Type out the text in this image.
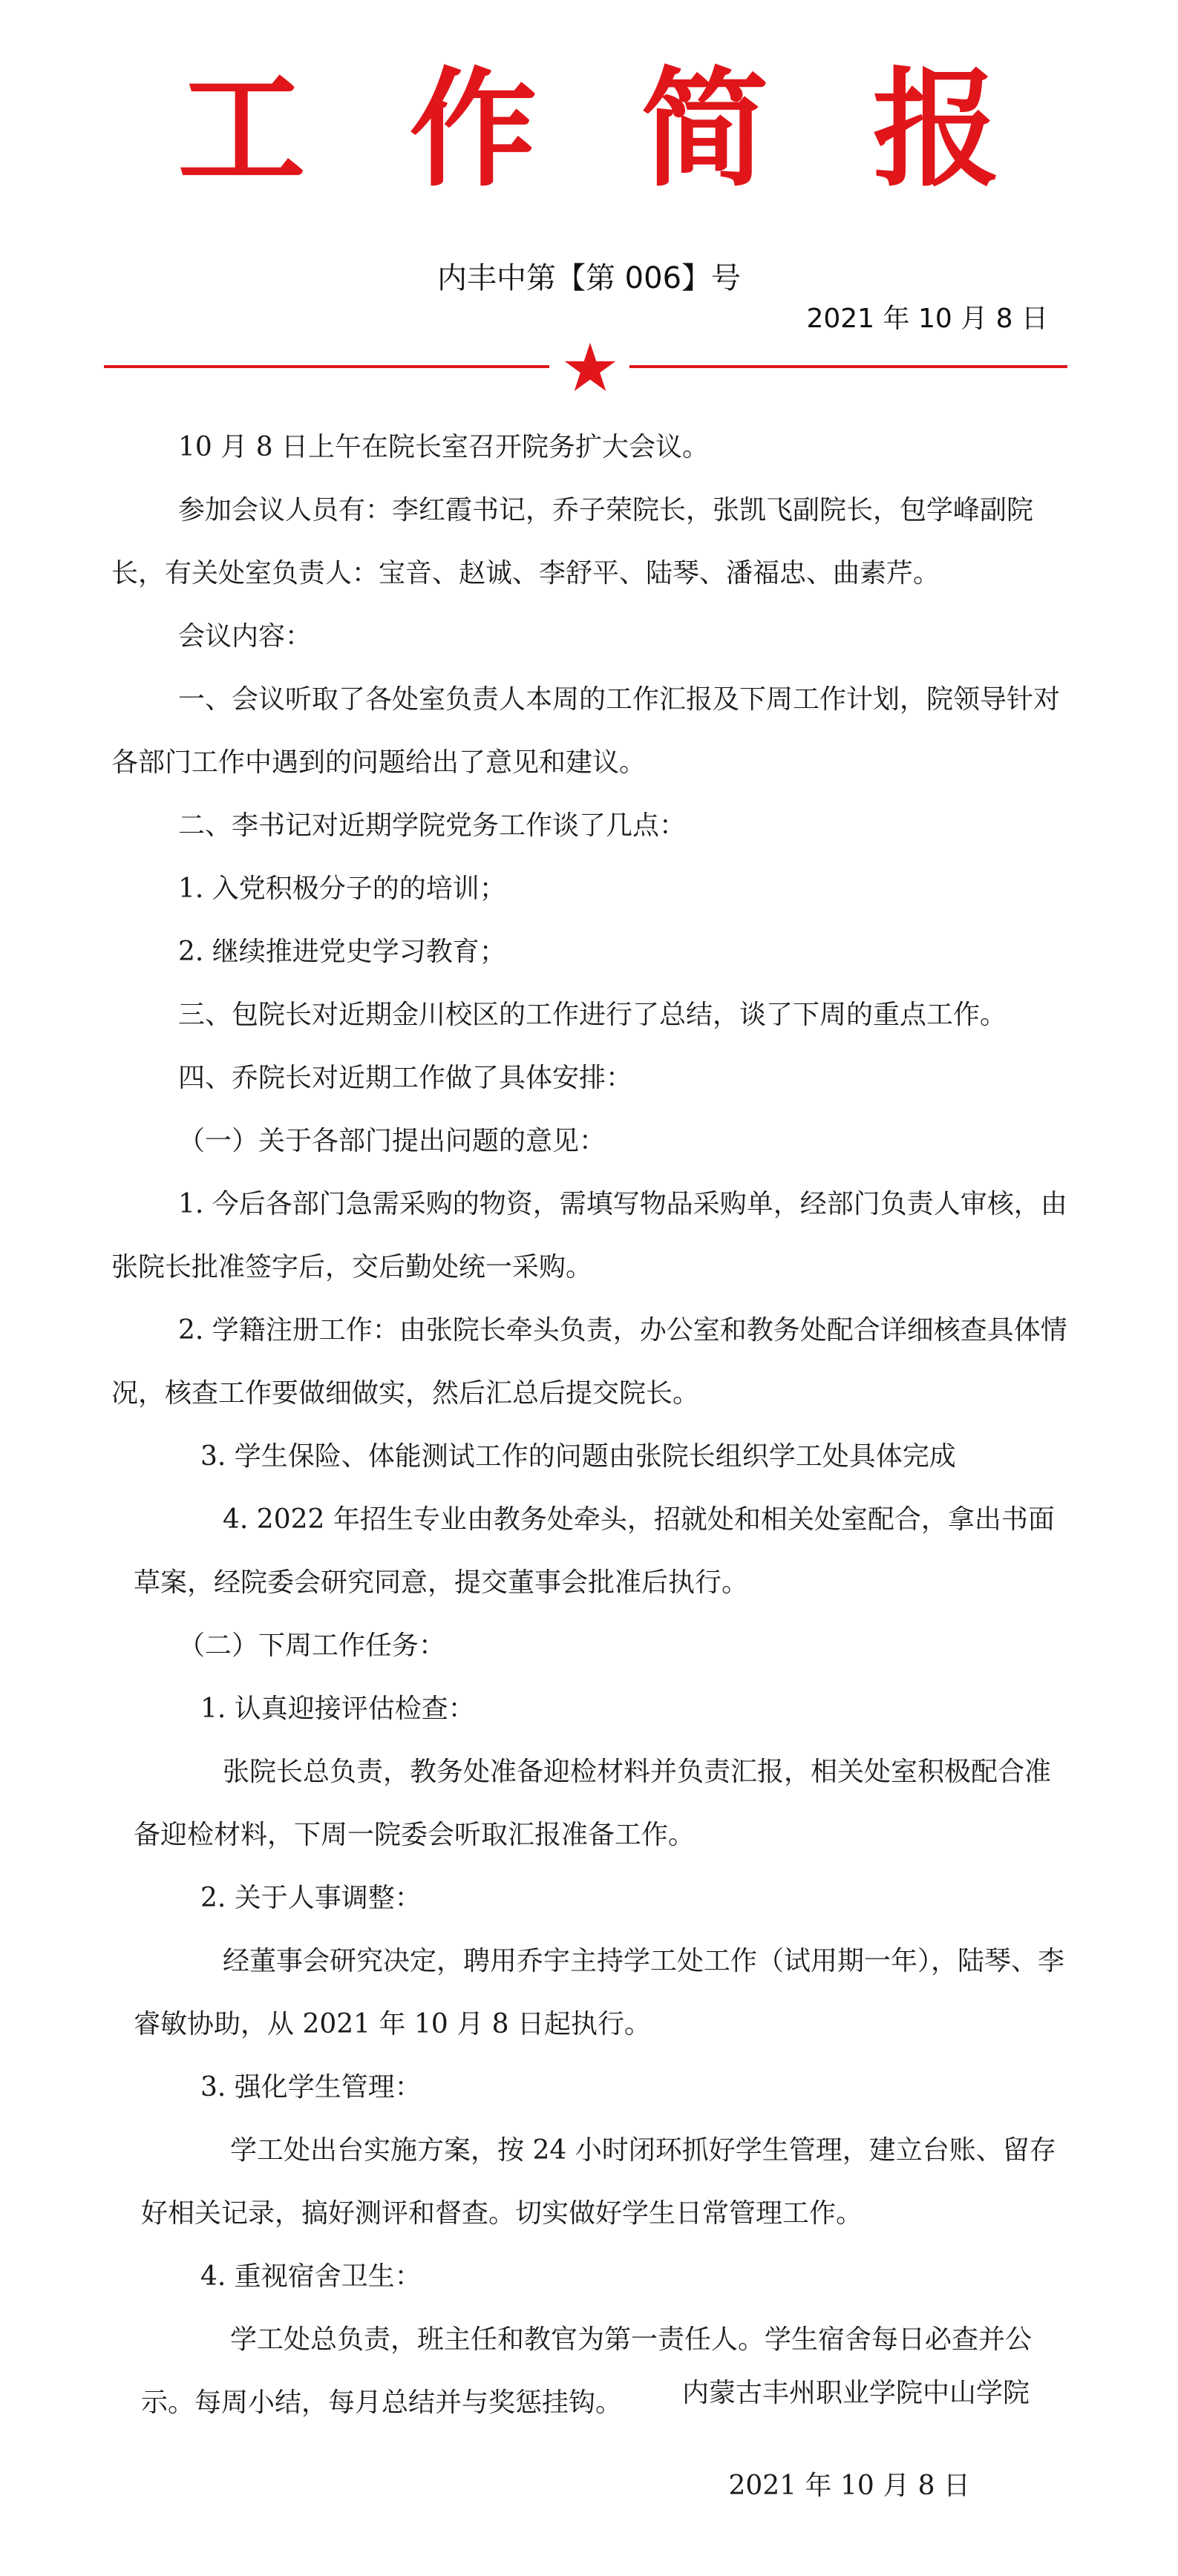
工作简报
内丰中第【第 006】号
2021 年 10 月 8 日

10 月 8 日上午在院长室召开院务扩大会议。

参加会议人员有：李红霞书记，乔子荣院长，张凯飞副院长，包学峰副院长，有关处室负责人：宝音、赵诚、李舒平、陆琴、潘福忠、曲素芹。

会议内容：

一、会议听取了各处室负责人本周的工作汇报及下周工作计划，院领导针对各部门工作中遇到的问题给出了意见和建议。

二、李书记对近期学院党务工作谈了几点：

1. 入党积极分子的的培训；

2. 继续推进党史学习教育；

三、包院长对近期金川校区的工作进行了总结，谈了下周的重点工作。

四、乔院长对近期工作做了具体安排：

（一）关于各部门提出问题的意见：

1. 今后各部门急需采购的物资，需填写物品采购单，经部门负责人审核，由张院长批准签字后，交后勤处统一采购。

2. 学籍注册工作：由张院长牵头负责，办公室和教务处配合详细核查具体情况，核查工作要做细做实，然后汇总后提交院长。

3. 学生保险、体能测试工作的问题由张院长组织学工处具体完成

4. 2022 年招生专业由教务处牵头，招就处和相关处室配合，拿出书面草案，经院委会研究同意，提交董事会批准后执行。

（二）下周工作任务：

1. 认真迎接评估检查：

张院长总负责，教务处准备迎检材料并负责汇报，相关处室积极配合准备迎检材料，下周一院委会听取汇报准备工作。

2. 关于人事调整：

经董事会研究决定，聘用乔宇主持学工处工作（试用期一年），陆琴、李睿敏协助，从 2021 年 10 月 8 日起执行。

3. 强化学生管理：

学工处出台实施方案，按 24 小时闭环抓好学生管理，建立台账、留存好相关记录，搞好测评和督查。切实做好学生日常管理工作。

4. 重视宿舍卫生：

学工处总负责，班主任和教官为第一责任人。学生宿舍每日必查并公示。每周小结，每月总结并与奖惩挂钩。	内蒙古丰州职业学院中山学院
2021 年 10 月 8 日
